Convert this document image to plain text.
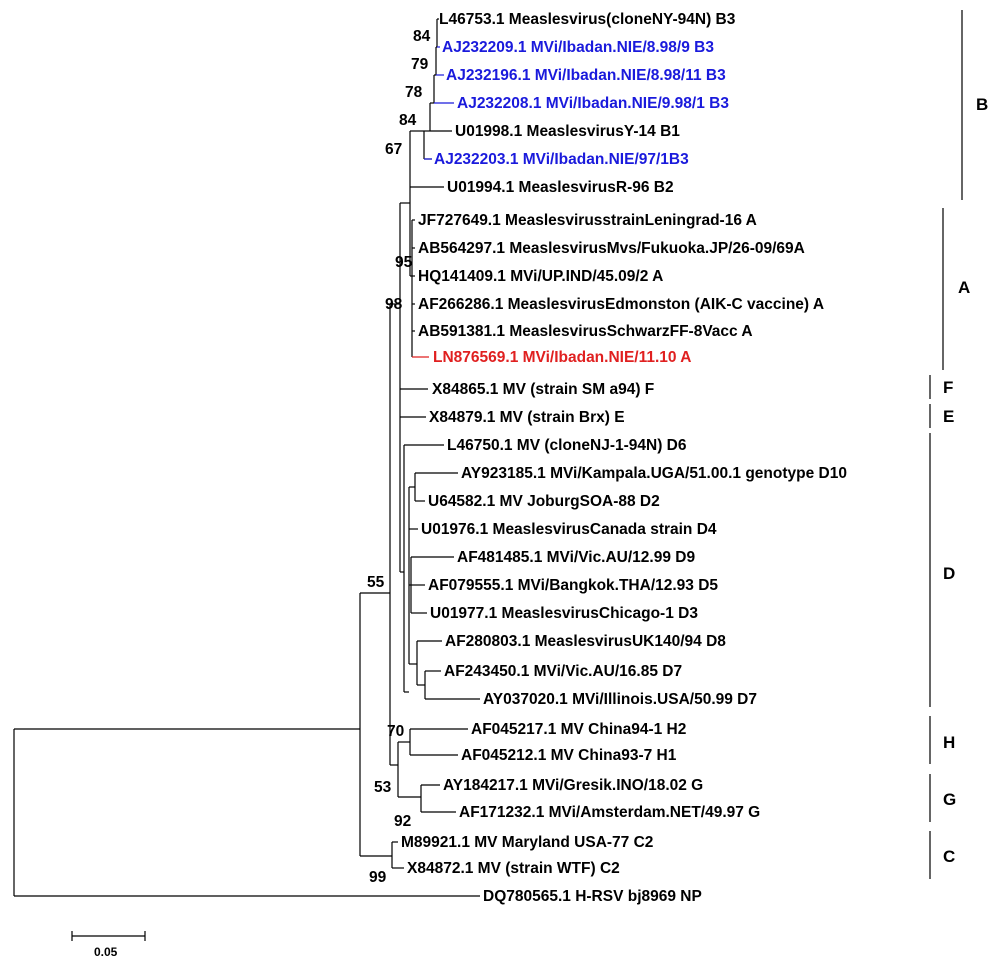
L46753.1 Measlesvirus(cloneNY-94N) B3
AJ232209.1 MVi/Ibadan.NIE/8.98/9 B3
AJ232196.1 MVi/Ibadan.NIE/8.98/11 B3
AJ232208.1 MVi/Ibadan.NIE/9.98/1 B3
U01998.1 MeaslesvirusY-14 B1
AJ232203.1 MVi/Ibadan.NIE/97/1B3
U01994.1 MeaslesvirusR-96 B2
JF727649.1 MeaslesvirusstrainLeningrad-16 A
AB564297.1 MeaslesvirusMvs/Fukuoka.JP/26-09/69A
HQ141409.1 MVi/UP.IND/45.09/2 A
AF266286.1 MeaslesvirusEdmonston (AIK-C vaccine) A
AB591381.1 MeaslesvirusSchwarzFF-8Vacc A
LN876569.1 MVi/Ibadan.NIE/11.10 A
X84865.1 MV (strain SM a94) F
X84879.1 MV (strain Brx) E
L46750.1 MV (cloneNJ-1-94N) D6
AY923185.1 MVi/Kampala.UGA/51.00.1 genotype D10
U64582.1 MV JoburgSOA-88 D2
U01976.1 MeaslesvirusCanada strain D4
AF481485.1 MVi/Vic.AU/12.99 D9
AF079555.1 MVi/Bangkok.THA/12.93 D5
U01977.1 MeaslesvirusChicago-1 D3
AF280803.1 MeaslesvirusUK140/94 D8
AF243450.1 MVi/Vic.AU/16.85 D7
AY037020.1 MVi/Illinois.USA/50.99 D7
AF045217.1 MV China94-1 H2
AF045212.1 MV China93-7 H1
AY184217.1 MVi/Gresik.INO/18.02 G
AF171232.1 MVi/Amsterdam.NET/49.97 G
M89921.1 MV Maryland USA-77 C2
X84872.1 MV (strain WTF) C2
DQ780565.1 H-RSV bj8969 NP
84
79
78
84
67
95
98
55
70
53
92
99
B
A
F
E
D
H
G
C
0.05
